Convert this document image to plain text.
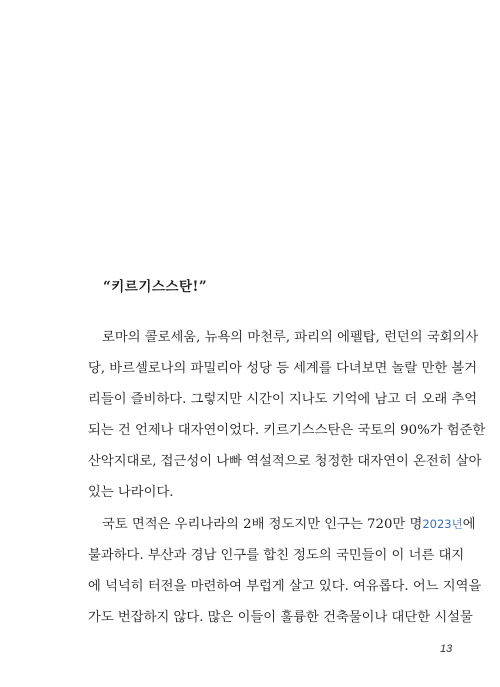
“키르기스스탄!”
로마의 콜로세움, 뉴욕의 마천루, 파리의 에펠탑, 런던의 국회의사
당, 바르셀로나의 파밀리아 성당 등 세계를 다녀보면 놀랄 만한 볼거
리들이 즐비하다. 그렇지만 시간이 지나도 기억에 남고 더 오래 추억
되는 건 언제나 대자연이었다. 키르기스스탄은 국토의 90%가 험준한
산악지대로, 접근성이 나빠 역설적으로 청정한 대자연이 온전히 살아
있는 나라이다.
국토 면적은 우리나라의 2배 정도지만 인구는 720만 명2023년에
불과하다. 부산과 경남 인구를 합친 정도의 국민들이 이 너른 대지
에 넉넉히 터전을 마련하여 부럽게 살고 있다. 여유롭다. 어느 지역을
가도 번잡하지 않다. 많은 이들이 훌륭한 건축물이나 대단한 시설물
13
